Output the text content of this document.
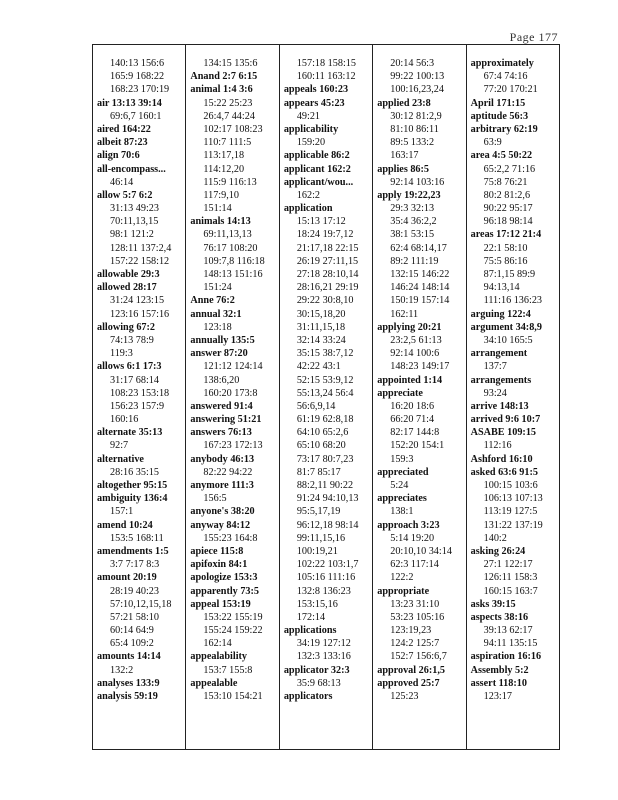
Page 177
140:13 156:6
165:9 168:22
168:23 170:19
air 13:13 39:14
69:6,7 160:1
aired 164:22
albeit 87:23
align 70:6
all-encompass...
46:14
allow 5:7 6:2
31:13 49:23
70:11,13,15
98:1 121:2
128:11 137:2,4
157:22 158:12
allowable 29:3
allowed 28:17
31:24 123:15
123:16 157:16
allowing 67:2
74:13 78:9
119:3
allows 6:1 17:3
31:17 68:14
108:23 153:18
156:23 157:9
160:16
alternate 35:13
92:7
alternative
28:16 35:15
altogether 95:15
ambiguity 136:4
157:1
amend 10:24
153:5 168:11
amendments 1:5
3:7 7:17 8:3
amount 20:19
28:19 40:23
57:10,12,15,18
57:21 58:10
60:14 64:9
65:4 109:2
amounts 14:14
132:2
analyses 133:9
analysis 59:19
134:15 135:6
Anand 2:7 6:15
animal 1:4 3:6
15:22 25:23
26:4,7 44:24
102:17 108:23
110:7 111:5
113:17,18
114:12,20
115:9 116:13
117:9,10
151:14
animals 14:13
69:11,13,13
76:17 108:20
109:7,8 116:18
148:13 151:16
151:24
Anne 76:2
annual 32:1
123:18
annually 135:5
answer 87:20
121:12 124:14
138:6,20
160:20 173:8
answered 91:4
answering 51:21
answers 76:13
167:23 172:13
anybody 46:13
82:22 94:22
anymore 111:3
156:5
anyone's 38:20
anyway 84:12
155:23 164:8
apiece 115:8
apifoxin 84:1
apologize 153:3
apparently 73:5
appeal 153:19
153:22 155:19
155:24 159:22
162:14
appealability
153:7 155:8
appealable
153:10 154:21
157:18 158:15
160:11 163:12
appeals 160:23
appears 45:23
49:21
applicability
159:20
applicable 86:2
applicant 162:2
applicant/wou...
162:2
application
15:13 17:12
18:24 19:7,12
21:17,18 22:15
26:19 27:11,15
27:18 28:10,14
28:16,21 29:19
29:22 30:8,10
30:15,18,20
31:11,15,18
32:14 33:24
35:15 38:7,12
42:22 43:1
52:15 53:9,12
55:13,24 56:4
56:6,9,14
61:19 62:8,18
64:10 65:2,6
65:10 68:20
73:17 80:7,23
81:7 85:17
88:2,11 90:22
91:24 94:10,13
95:5,17,19
96:12,18 98:14
99:11,15,16
100:19,21
102:22 103:1,7
105:16 111:16
132:8 136:23
153:15,16
172:14
applications
34:19 127:12
132:3 133:16
applicator 32:3
35:9 68:13
applicators
20:14 56:3
99:22 100:13
100:16,23,24
applied 23:8
30:12 81:2,9
81:10 86:11
89:5 133:2
163:17
applies 86:5
92:14 103:16
apply 19:22,23
29:3 32:13
35:4 36:2,2
38:1 53:15
62:4 68:14,17
89:2 111:19
132:15 146:22
146:24 148:14
150:19 157:14
162:11
applying 20:21
23:2,5 61:13
92:14 100:6
148:23 149:17
appointed 1:14
appreciate
16:20 18:6
66:20 71:4
82:17 144:8
152:20 154:1
159:3
appreciated
5:24
appreciates
138:1
approach 3:23
5:14 19:20
20:10,10 34:14
62:3 117:14
122:2
appropriate
13:23 31:10
53:23 105:16
123:19,23
124:2 125:7
152:7 156:6,7
approval 26:1,5
approved 25:7
125:23
approximately
67:4 74:16
77:20 170:21
April 171:15
aptitude 56:3
arbitrary 62:19
63:9
area 4:5 50:22
65:2,2 71:16
75:8 76:21
80:2 81:2,6
90:22 95:17
96:18 98:14
areas 17:12 21:4
22:1 58:10
75:5 86:16
87:1,15 89:9
94:13,14
111:16 136:23
arguing 122:4
argument 34:8,9
34:10 165:5
arrangement
137:7
arrangements
93:24
arrive 148:13
arrived 9:6 10:7
ASABE 109:15
112:16
Ashford 16:10
asked 63:6 91:5
100:15 103:6
106:13 107:13
113:19 127:5
131:22 137:19
140:2
asking 26:24
27:1 122:17
126:11 158:3
160:15 163:7
asks 39:15
aspects 38:16
39:13 62:17
94:11 135:15
aspiration 16:16
Assembly 5:2
assert 118:10
123:17
